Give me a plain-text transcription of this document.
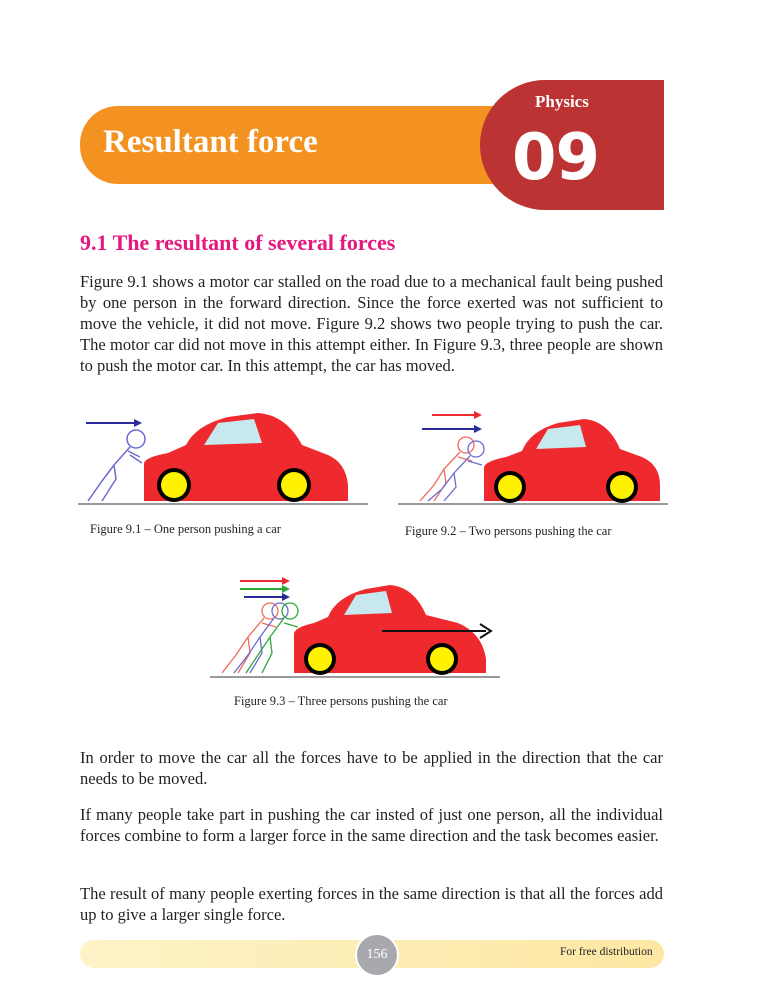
Resultant force
Physics
09
9.1 The resultant of several forces

Figure 9.1 shows a motor car stalled on the road due to a mechanical fault being pushed by one person in the forward direction. Since the force exerted was not sufficient to move the vehicle, it did not move. Figure 9.2 shows two people trying to push the car. The motor car did not move in this attempt either. In Figure 9.3, three people are shown to push the motor car. In this attempt, the car has moved.

Figure 9.1 – One person pushing a car	Figure 9.2 – Two persons pushing the car
Figure 9.3 – Three persons pushing the car

In order to move the car all the forces have to be applied in the direction that the car needs to be moved.

If many people take part in pushing the car insted of just one person, all the individual forces combine to form a larger force in the same direction and the task becomes easier.

The result of many people exerting forces in the same direction is that all the forces add up to give a larger single force.

156	For free distribution
